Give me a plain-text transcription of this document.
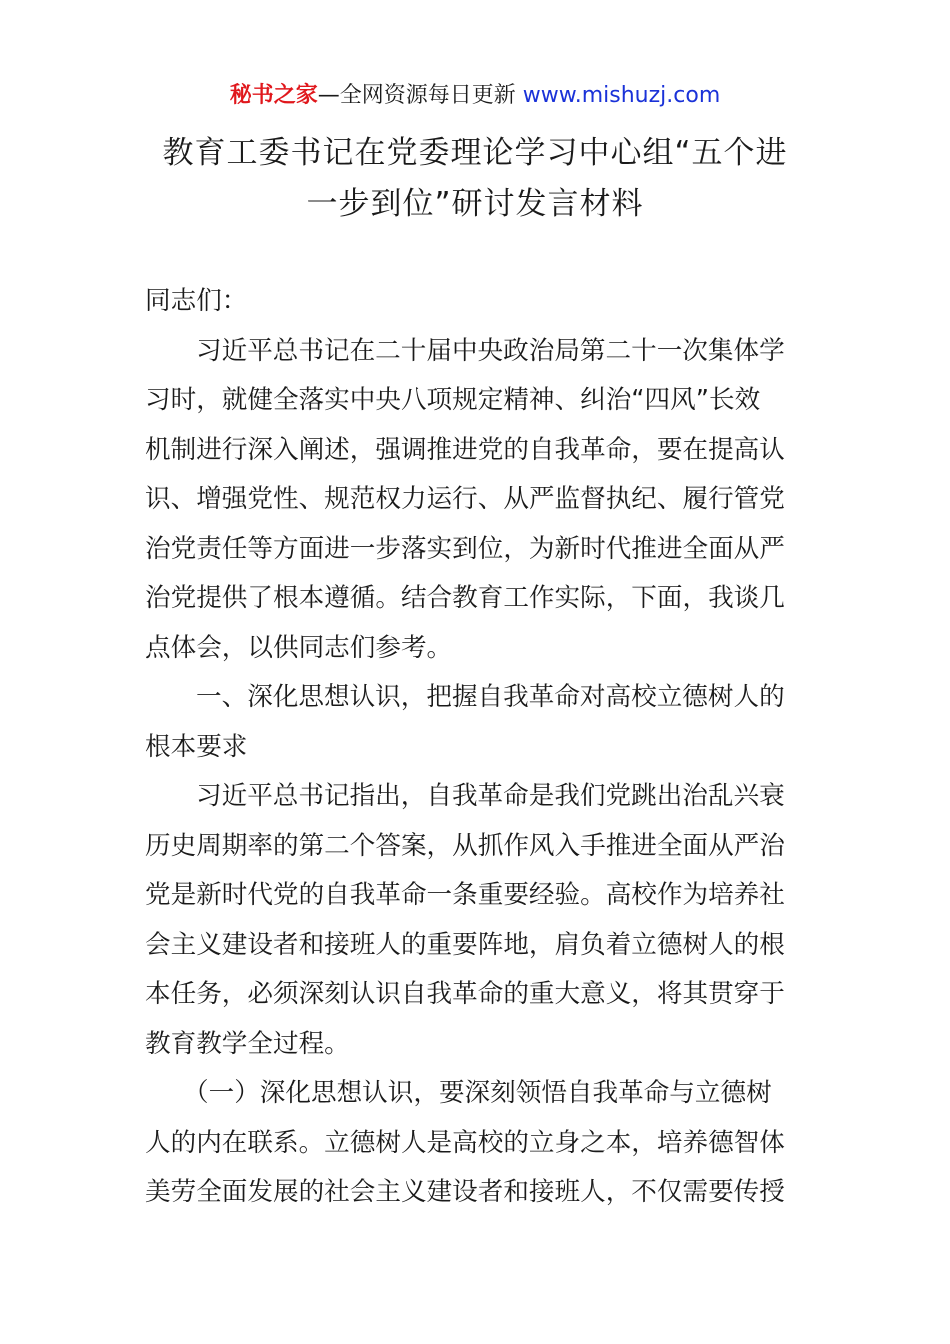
秘书之家—全网资源每日更新 www.mishuzj.com
教育工委书记在党委理论学习中心组“五个进
一步到位”研讨发言材料
同志们：
习近平总书记在二十届中央政治局第二十一次集体学
习时，就健全落实中央八项规定精神、纠治“四风”长效
机制进行深入阐述，强调推进党的自我革命，要在提高认
识、增强党性、规范权力运行、从严监督执纪、履行管党
治党责任等方面进一步落实到位，为新时代推进全面从严
治党提供了根本遵循。结合教育工作实际，下面，我谈几
点体会，以供同志们参考。
一、深化思想认识，把握自我革命对高校立德树人的
根本要求
习近平总书记指出，自我革命是我们党跳出治乱兴衰
历史周期率的第二个答案，从抓作风入手推进全面从严治
党是新时代党的自我革命一条重要经验。高校作为培养社
会主义建设者和接班人的重要阵地，肩负着立德树人的根
本任务，必须深刻认识自我革命的重大意义，将其贯穿于
教育教学全过程。
（一）深化思想认识，要深刻领悟自我革命与立德树
人的内在联系。立德树人是高校的立身之本，培养德智体
美劳全面发展的社会主义建设者和接班人，不仅需要传授
